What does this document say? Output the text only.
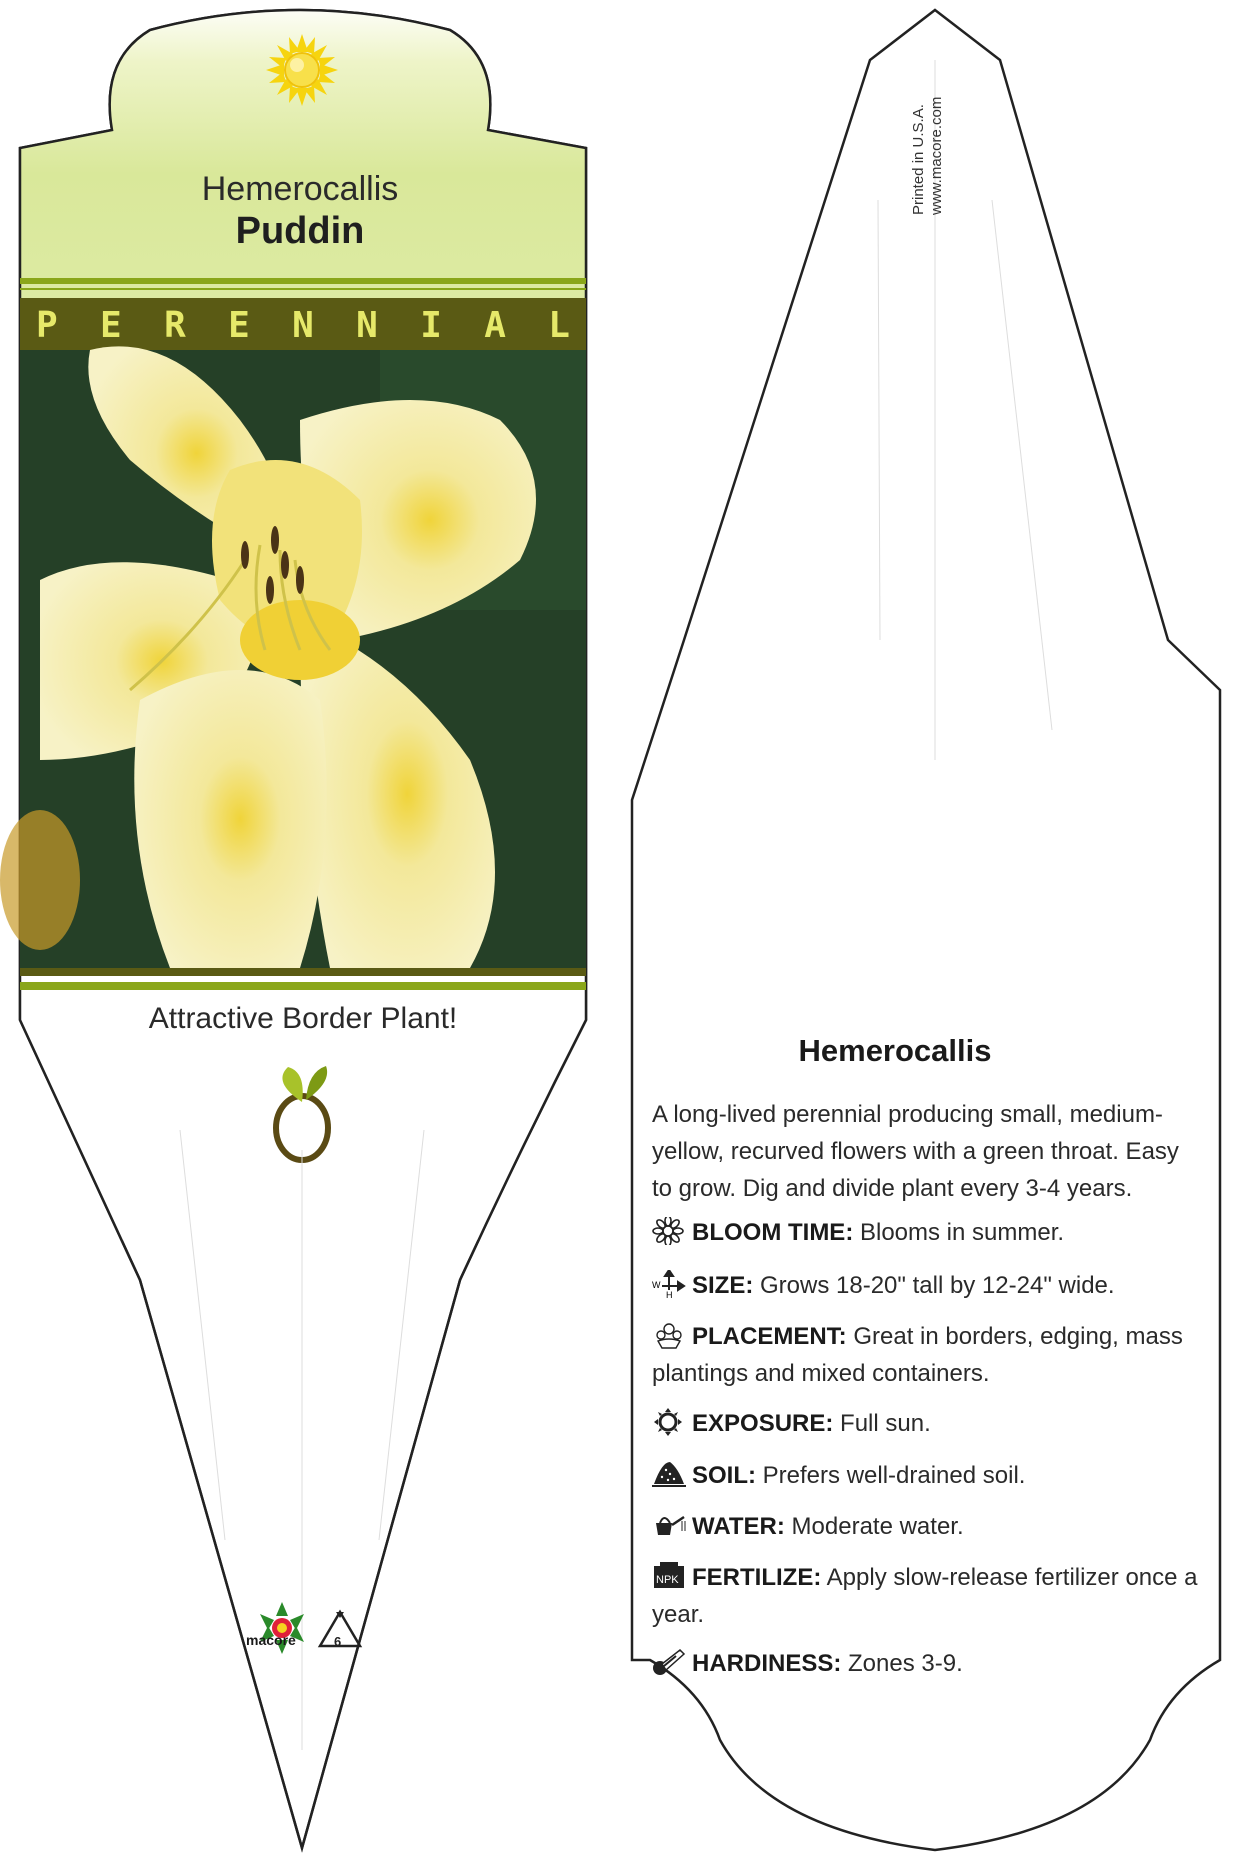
Hemerocallis
Puddin
P E R E N N I A L
Attractive Border Plant!
macore	6
Printed in U.S.A. www.macore.com
Hemerocallis
A long-lived perennial producing small, medium-yellow, recurved flowers with a green throat. Easy to grow. Dig and divide plant every 3-4 years.
BLOOM TIME: Blooms in summer.
W
H SIZE: Grows 18-20" tall by 12-24" wide.
PLACEMENT: Great in borders, edging, mass plantings and mixed containers.
EXPOSURE: Full sun.
SOIL: Prefers well-drained soil.
WATER: Moderate water.
NPK FERTILIZE: Apply slow-release fertilizer once a year.
HARDINESS: Zones 3-9.
